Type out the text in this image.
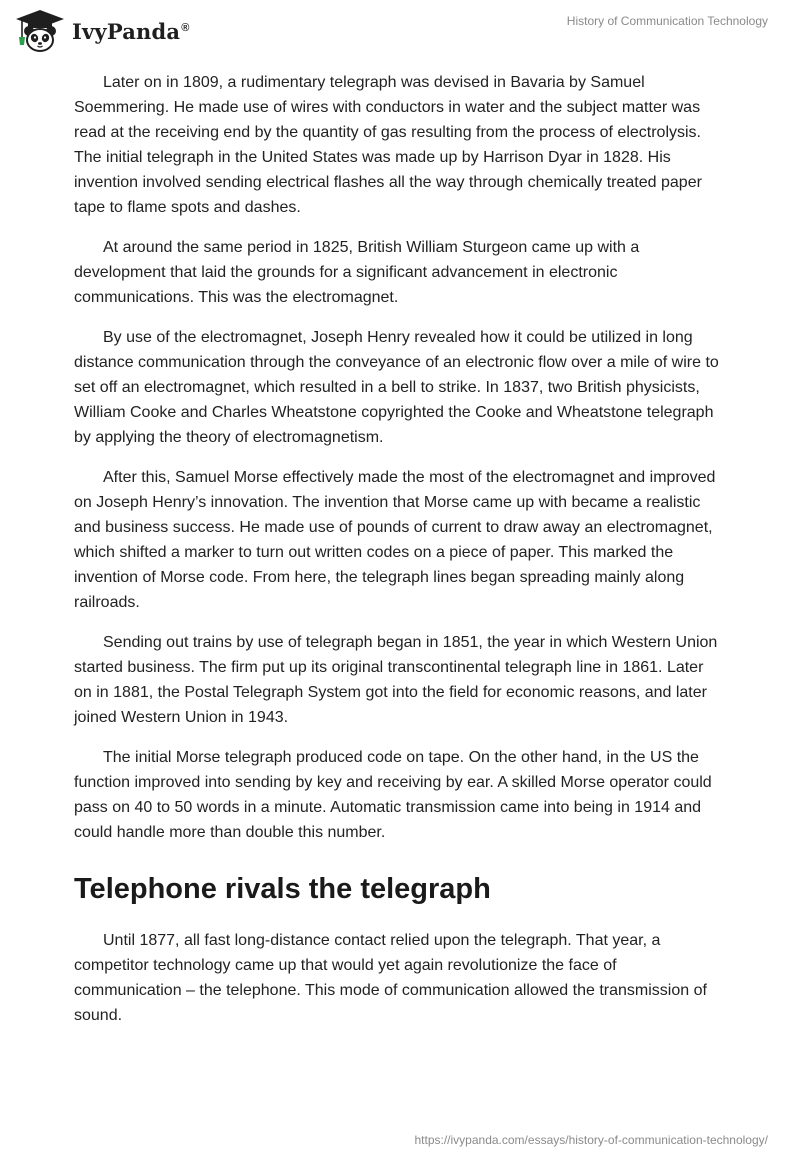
IvyPanda®	History of Communication Technology

Later on in 1809, a rudimentary telegraph was devised in Bavaria by Samuel Soemmering. He made use of wires with conductors in water and the subject matter was read at the receiving end by the quantity of gas resulting from the process of electrolysis. The initial telegraph in the United States was made up by Harrison Dyar in 1828. His invention involved sending electrical flashes all the way through chemically treated paper tape to flame spots and dashes.

At around the same period in 1825, British William Sturgeon came up with a development that laid the grounds for a significant advancement in electronic communications. This was the electromagnet.

By use of the electromagnet, Joseph Henry revealed how it could be utilized in long distance communication through the conveyance of an electronic flow over a mile of wire to set off an electromagnet, which resulted in a bell to strike. In 1837, two British physicists, William Cooke and Charles Wheatstone copyrighted the Cooke and Wheatstone telegraph by applying the theory of electromagnetism.

After this, Samuel Morse effectively made the most of the electromagnet and improved on Joseph Henry’s innovation. The invention that Morse came up with became a realistic and business success. He made use of pounds of current to draw away an electromagnet, which shifted a marker to turn out written codes on a piece of paper. This marked the invention of Morse code. From here, the telegraph lines began spreading mainly along railroads.

Sending out trains by use of telegraph began in 1851, the year in which Western Union started business. The firm put up its original transcontinental telegraph line in 1861. Later on in 1881, the Postal Telegraph System got into the field for economic reasons, and later joined Western Union in 1943.

The initial Morse telegraph produced code on tape. On the other hand, in the US the function improved into sending by key and receiving by ear. A skilled Morse operator could pass on 40 to 50 words in a minute. Automatic transmission came into being in 1914 and could handle more than double this number.

Telephone rivals the telegraph

Until 1877, all fast long-distance contact relied upon the telegraph. That year, a competitor technology came up that would yet again revolutionize the face of communication – the telephone. This mode of communication allowed the transmission of sound.

https://ivypanda.com/essays/history-of-communication-technology/
